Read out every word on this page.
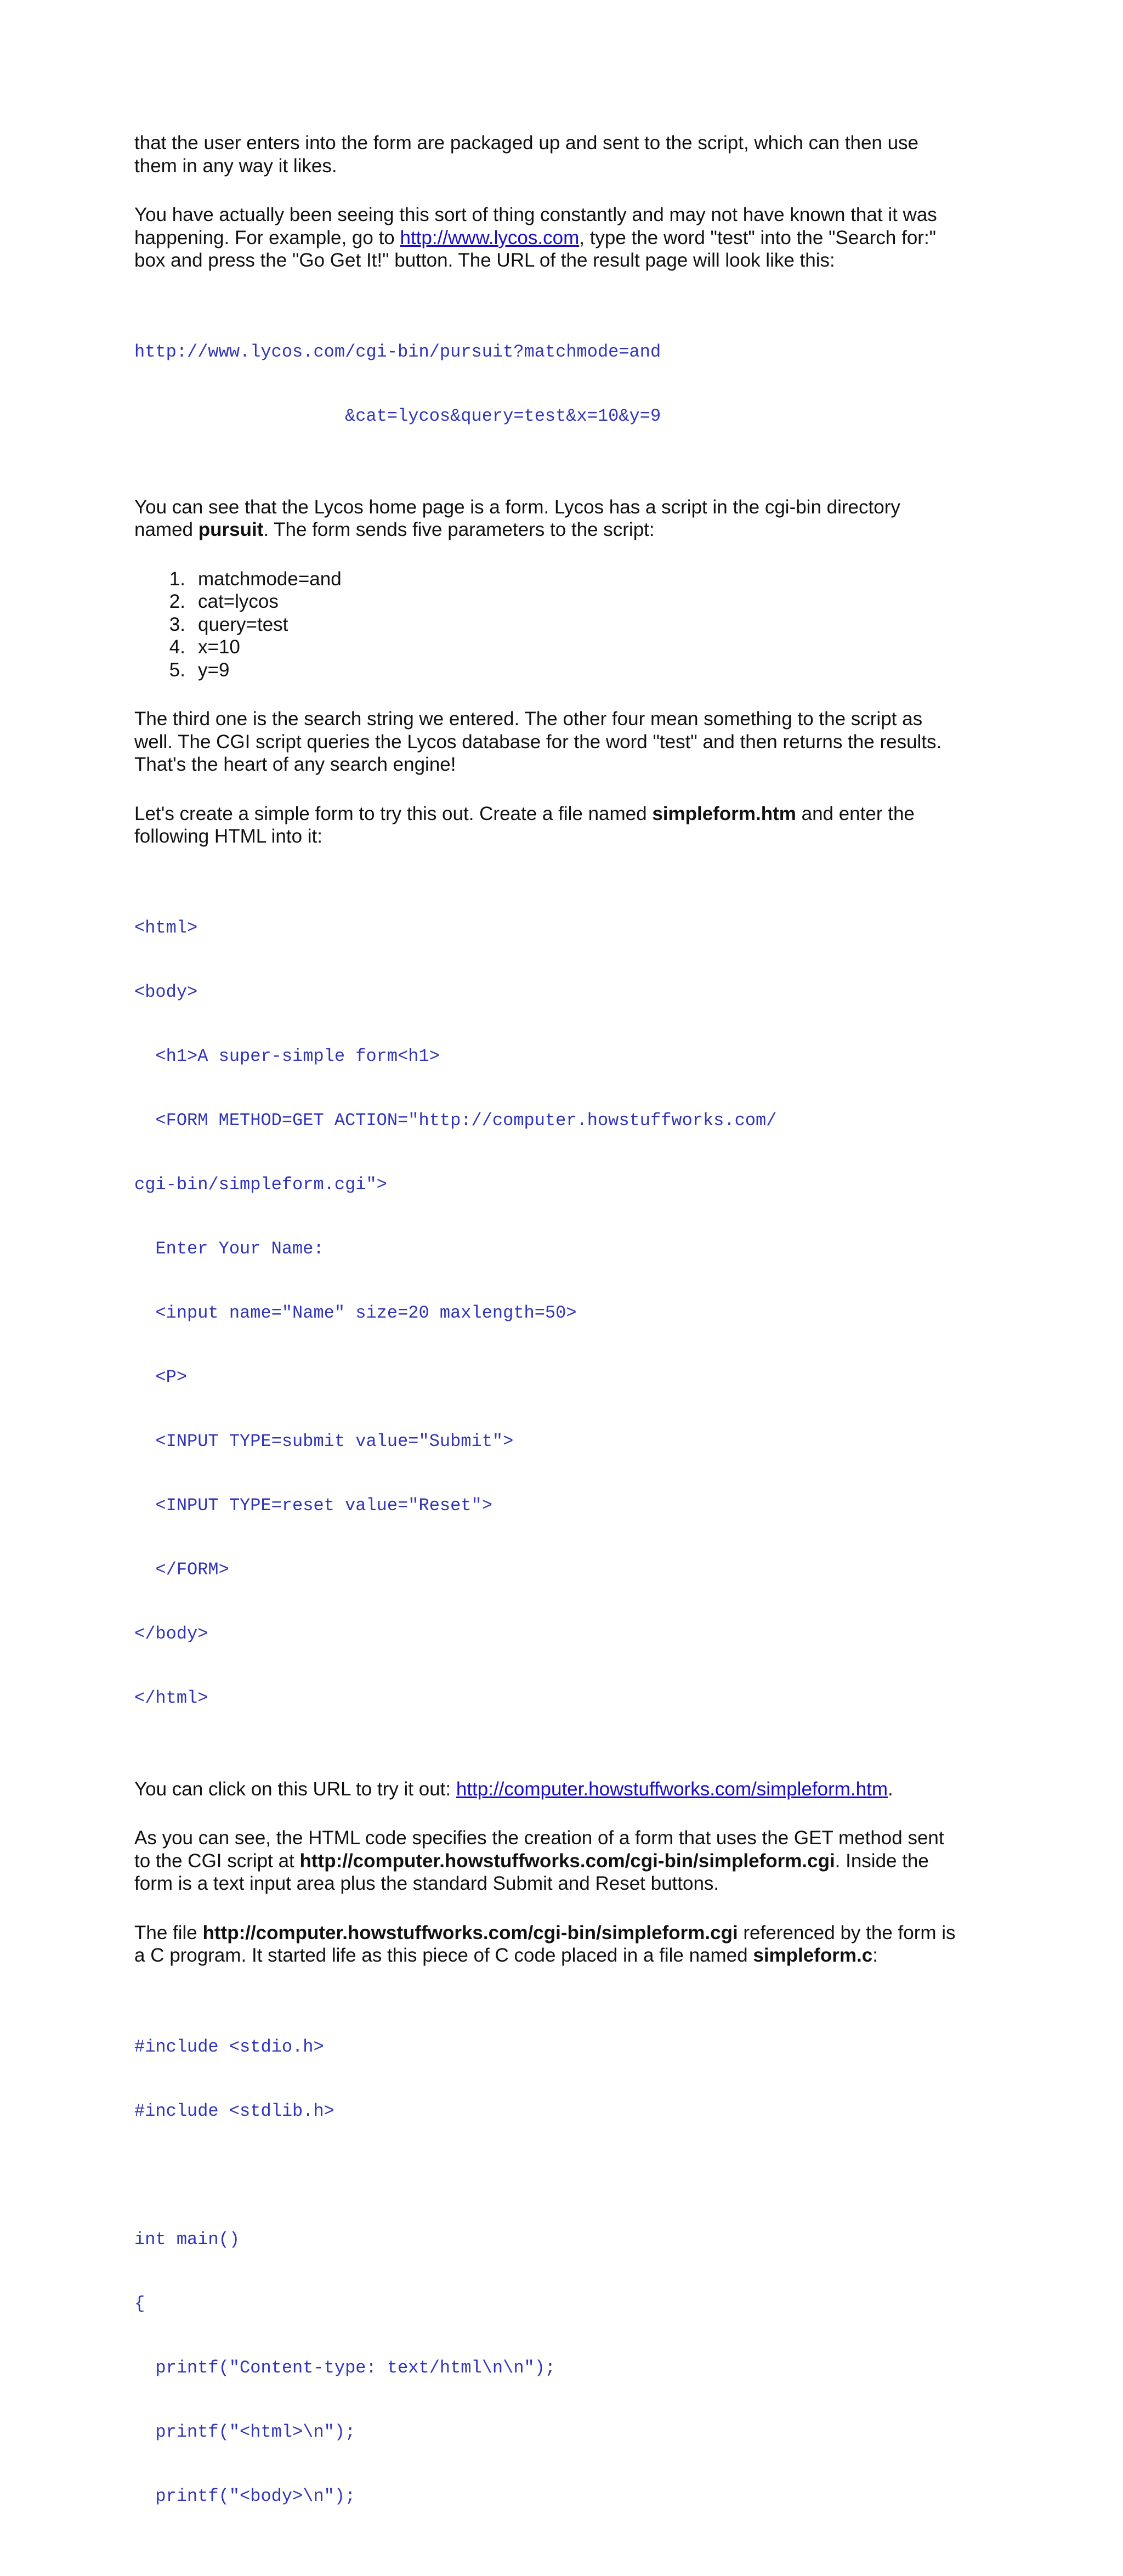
that the user enters into the form are packaged up and sent to the script, which can then use
them in any way it likes.

You have actually been seeing this sort of thing constantly and may not have known that it was
happening. For example, go to http://www.lycos.com, type the word "test" into the "Search for:"
box and press the "Go Get It!" button. The URL of the result page will look like this:

http://www.lycos.com/cgi-bin/pursuit?matchmode=and

&cat=lycos&query=test&x=10&y=9

You can see that the Lycos home page is a form. Lycos has a script in the cgi-bin directory
named pursuit. The form sends five parameters to the script:

1. matchmode=and
2. cat=lycos
3. query=test
4. x=10
5. y=9

The third one is the search string we entered. The other four mean something to the script as
well. The CGI script queries the Lycos database for the word "test" and then returns the results.
That's the heart of any search engine!

Let's create a simple form to try this out. Create a file named simpleform.htm and enter the
following HTML into it:

<html>

<body>

<h1>A super-simple form<h1>

<FORM METHOD=GET ACTION="http://computer.howstuffworks.com/

cgi-bin/simpleform.cgi">

Enter Your Name:

<input name="Name" size=20 maxlength=50>

<P>

<INPUT TYPE=submit value="Submit">

<INPUT TYPE=reset value="Reset">

</FORM>

</body>

</html>

You can click on this URL to try it out: http://computer.howstuffworks.com/simpleform.htm.

As you can see, the HTML code specifies the creation of a form that uses the GET method sent
to the CGI script at http://computer.howstuffworks.com/cgi-bin/simpleform.cgi. Inside the
form is a text input area plus the standard Submit and Reset buttons.

The file http://computer.howstuffworks.com/cgi-bin/simpleform.cgi referenced by the form is
a C program. It started life as this piece of C code placed in a file named simpleform.c:

#include <stdio.h>

#include <stdlib.h>

int main()

{

printf("Content-type: text/html\n\n");

printf("<html>\n");

printf("<body>\n");
